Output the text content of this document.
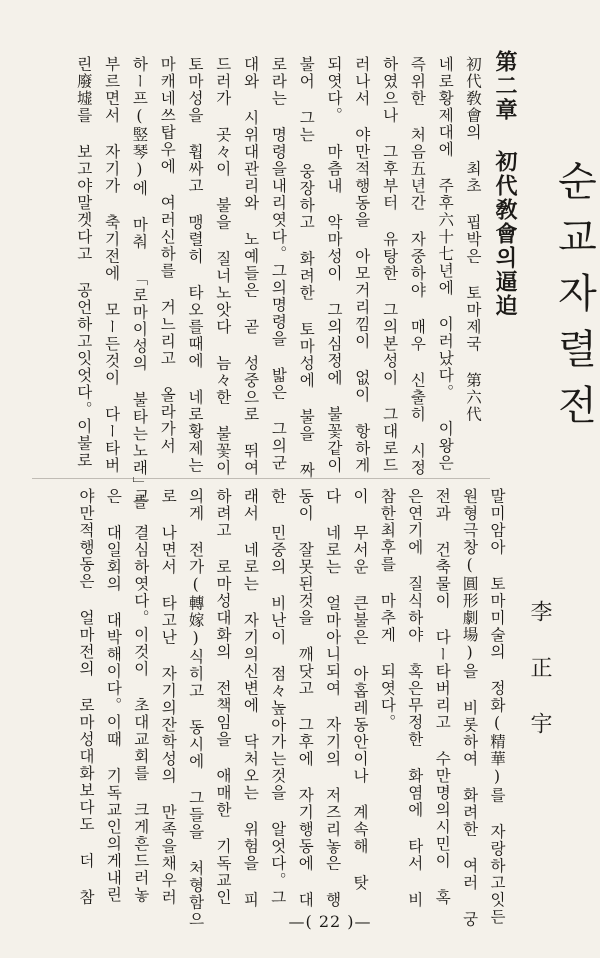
순교자렬전
第二章 初代敎會의逼迫
初代敎會의 최초 핍박은 토마제국 第六代
네로황제대에 주후六十七년에 이러났다。 이왕은
즉위한 처음五년간 자중하야 매우 신출히 시정
하였으나 그후부터 유탕한 그의본성이 그대로드
러나서 야만적행동을 아모거리낌이 없이 항하게
되엿다。 마츰내 악마성이 그의심정에 불꽃같이
불어 그는 웅장하고 화려한 토마성에 불을 짜
로라는 명령을내리엿다。그의명령을 밟은 그의군
대와 시위대관리와 노예들은 곧 성중으로 뛰여
드러가 곳々이 불을 질너노앗다 늠々한 불꽃이
토마성을 휩싸고 맹렬히 타오를때에 네로황제는
마캐네쓰탑우에 여러신하를 거느리고 올라가서
하ー프(竪琴)에 마춰 「로마이성의 불타는노래」를
부르면서 자기가 축기전에 모ー든것이 다ー타버
린廢墟를 보고야말겟다고 공언하고잇엇다。이불로
李正宇
말미암아 토마미술의 정화(精華)를 자랑하고잇든
원형극창(圓形劇場)을 비롯하여 화려한 여러 궁
전과 건축물이 다ー타버리고 수만명의시민이 혹
은연기에 질식하야 혹은무정한 화염에 타서 비
참한최후를 마추게 되엿다。
이 무서운 큰불은 아홉레동안이나 계속해 탓
다 네로는 얼마아니되여 자기의 저즈리놓은 행
동이 잘못된것을 깨닷고 그후에 자기행동에 대
한 민중의 비난이 점々높아가는것을 알엇다。그
래서 네로는 자기의신변에 닥처오는 위험을 피
하려고 로마성대화의 전책임을 애매한 기독교인
의게 전가(轉嫁)식히고 동시에 그들을 처형함으
로 나면서 타고난 자기의잔학성의 만족을채우러
고 결심하엿다。이것이 초대교회를 크게흔드러놓
은 대일회의 대박해이다。이때 기독교인의게내린
야만적행동은 얼마전의 로마성대화보다도 더 참
—( 22 )—
